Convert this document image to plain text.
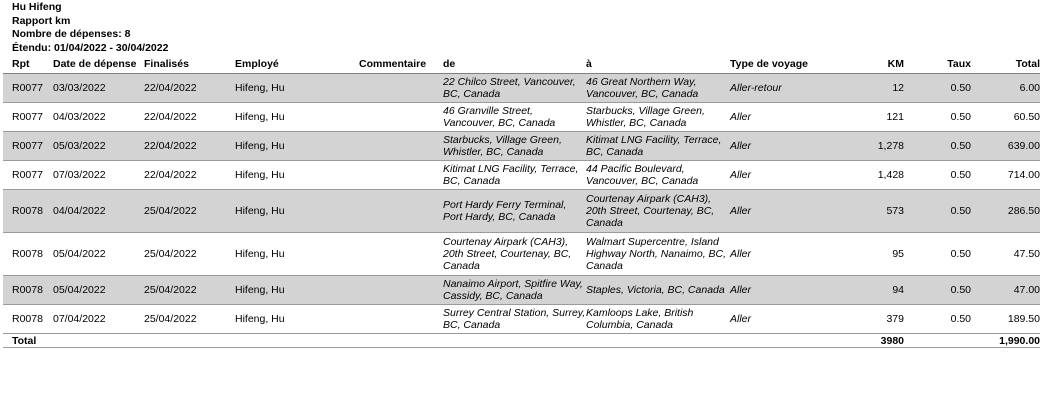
Hu Hifeng
Rapport km
Nombre de dépenses: 8
Étendu: 01/04/2022 - 30/04/2022
Rpt	Date de dépense	Finalisés	Employé	Commentaire	de	à	Type de voyage	KM	Taux	Total
R0077	03/03/2022	22/04/2022	Hifeng, Hu		22 Chilco Street, Vancouver, BC, Canada	46 Great Northern Way, Vancouver, BC, Canada	Aller-retour	12	0.50	6.00
R0077	04/03/2022	22/04/2022	Hifeng, Hu		46 Granville Street, Vancouver, BC, Canada	Starbucks, Village Green, Whistler, BC, Canada	Aller	121	0.50	60.50
R0077	05/03/2022	22/04/2022	Hifeng, Hu		Starbucks, Village Green, Whistler, BC, Canada	Kitimat LNG Facility, Terrace, BC, Canada	Aller	1,278	0.50	639.00
R0077	07/03/2022	22/04/2022	Hifeng, Hu		Kitimat LNG Facility, Terrace, BC, Canada	44 Pacific Boulevard, Vancouver, BC, Canada	Aller	1,428	0.50	714.00
R0078	04/04/2022	25/04/2022	Hifeng, Hu		Port Hardy Ferry Terminal, Port Hardy, BC, Canada	Courtenay Airpark (CAH3), 20th Street, Courtenay, BC, Canada	Aller	573	0.50	286.50
R0078	05/04/2022	25/04/2022	Hifeng, Hu		Courtenay Airpark (CAH3), 20th Street, Courtenay, BC, Canada	Walmart Supercentre, Island Highway North, Nanaimo, BC, Canada	Aller	95	0.50	47.50
R0078	05/04/2022	25/04/2022	Hifeng, Hu		Nanaimo Airport, Spitfire Way, Cassidy, BC, Canada	Staples, Victoria, BC, Canada	Aller	94	0.50	47.00
R0078	07/04/2022	25/04/2022	Hifeng, Hu		Surrey Central Station, Surrey, BC, Canada	Kamloops Lake, British Columbia, Canada	Aller	379	0.50	189.50
Total								3980		1,990.00
